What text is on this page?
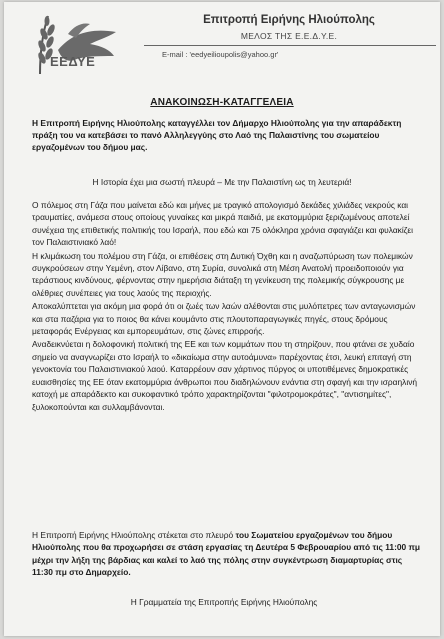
ΕΕΔΥΕ
Επιτροπή Ειρήνης Ηλιούπολης
ΜΕΛΟΣ ΤΗΣ Ε.Ε.Δ.Υ.Ε.
E-mail : 'eedyeilioupolis@yahoo.gr'
ΑΝΑΚΟΙΝΩΣΗ-ΚΑΤΑΓΓΕΛΕΙΑ
Η Επιτροπή Ειρήνης Ηλιούπολης καταγγέλλει τον Δήμαρχο Ηλιούπολης για την απαράδεκτη πράξη του να κατεβάσει το πανό Αλληλεγγύης στο Λαό της Παλαιστίνης του σωματείου εργαζομένων του δήμου μας.
Η Ιστορία έχει μια σωστή πλευρά – Με την Παλαιστίνη ως τη λευτεριά!

Ο πόλεμος στη Γάζα που μαίνεται εδώ και μήνες με τραγικό απολογισμό δεκάδες χιλιάδες νεκρούς και τραυματίες, ανάμεσα στους οποίους γυναίκες και μικρά παιδιά, με εκατομμύρια ξεριζωμένους αποτελεί συνέχεια της επιθετικής πολιτικής του Ισραήλ, που εδώ και 75 ολόκληρα χρόνια σφαγιάζει και φυλακίζει τον Παλαιστινιακό λαό!

Η κλιμάκωση του πολέμου στη Γάζα, οι επιθέσεις στη Δυτική Όχθη και η αναζωπύρωση των πολεμικών συγκρούσεων στην Υεμένη, στον Λίβανο, στη Συρία, συνολικά στη Μέση Ανατολή προειδοποιούν για τεράστιους κινδύνους, φέρνοντας στην ημερήσια διάταξη τη γενίκευση της πολεμικής σύγκρουσης με ολέθριες συνέπειες για τους λαούς της περιοχής.

Αποκαλύπτεται για ακόμη μια φορά ότι οι ζωές των λαών αλέθονται στις μυλόπετρες των ανταγωνισμών και στα παζάρια για το ποιος θα κάνει κουμάντο στις πλουτοπαραγωγικές πηγές, στους δρόμους μεταφοράς Ενέργειας και εμπορευμάτων, στις ζώνες επιρροής.

Αναδεικνύεται η δολοφονική πολιτική της ΕΕ και των κομμάτων που τη στηρίζουν, που φτάνει σε χυδαίο σημείο να αναγνωρίζει στο Ισραήλ το «δικαίωμα στην αυτοάμυνα» παρέχοντας έτσι, λευκή επιταγή στη γενοκτονία του Παλαιστινιακού λαού. Καταρρέουν σαν χάρτινος πύργος οι υποτιθέμενες δημοκρατικές ευαισθησίες της ΕΕ όταν εκατομμύρια άνθρωποι που διαδηλώνουν ενάντια στη σφαγή και την ισραηλινή κατοχή με απαράδεκτο και συκοφαντικό τρόπο χαρακτηρίζονται "φιλοτρομοκράτες", "αντισημίτες", ξυλοκοπούνται και συλλαμβάνονται.

Η Επιτροπή Ειρήνης Ηλιούπολης στέκεται στο πλευρό του Σωματείου εργαζομένων του δήμου Ηλιούπολης που θα προχωρήσει σε στάση εργασίας τη Δευτέρα 5 Φεβρουαρίου από τις 11:00 πμ μέχρι την λήξη της βάρδιας και καλεί το λαό της πόλης στην συγκέντρωση διαμαρτυρίας στις 11:30 πμ στο Δημαρχείο.
Η Γραμματεία της Επιτροπής Ειρήνης Ηλιούπολης
